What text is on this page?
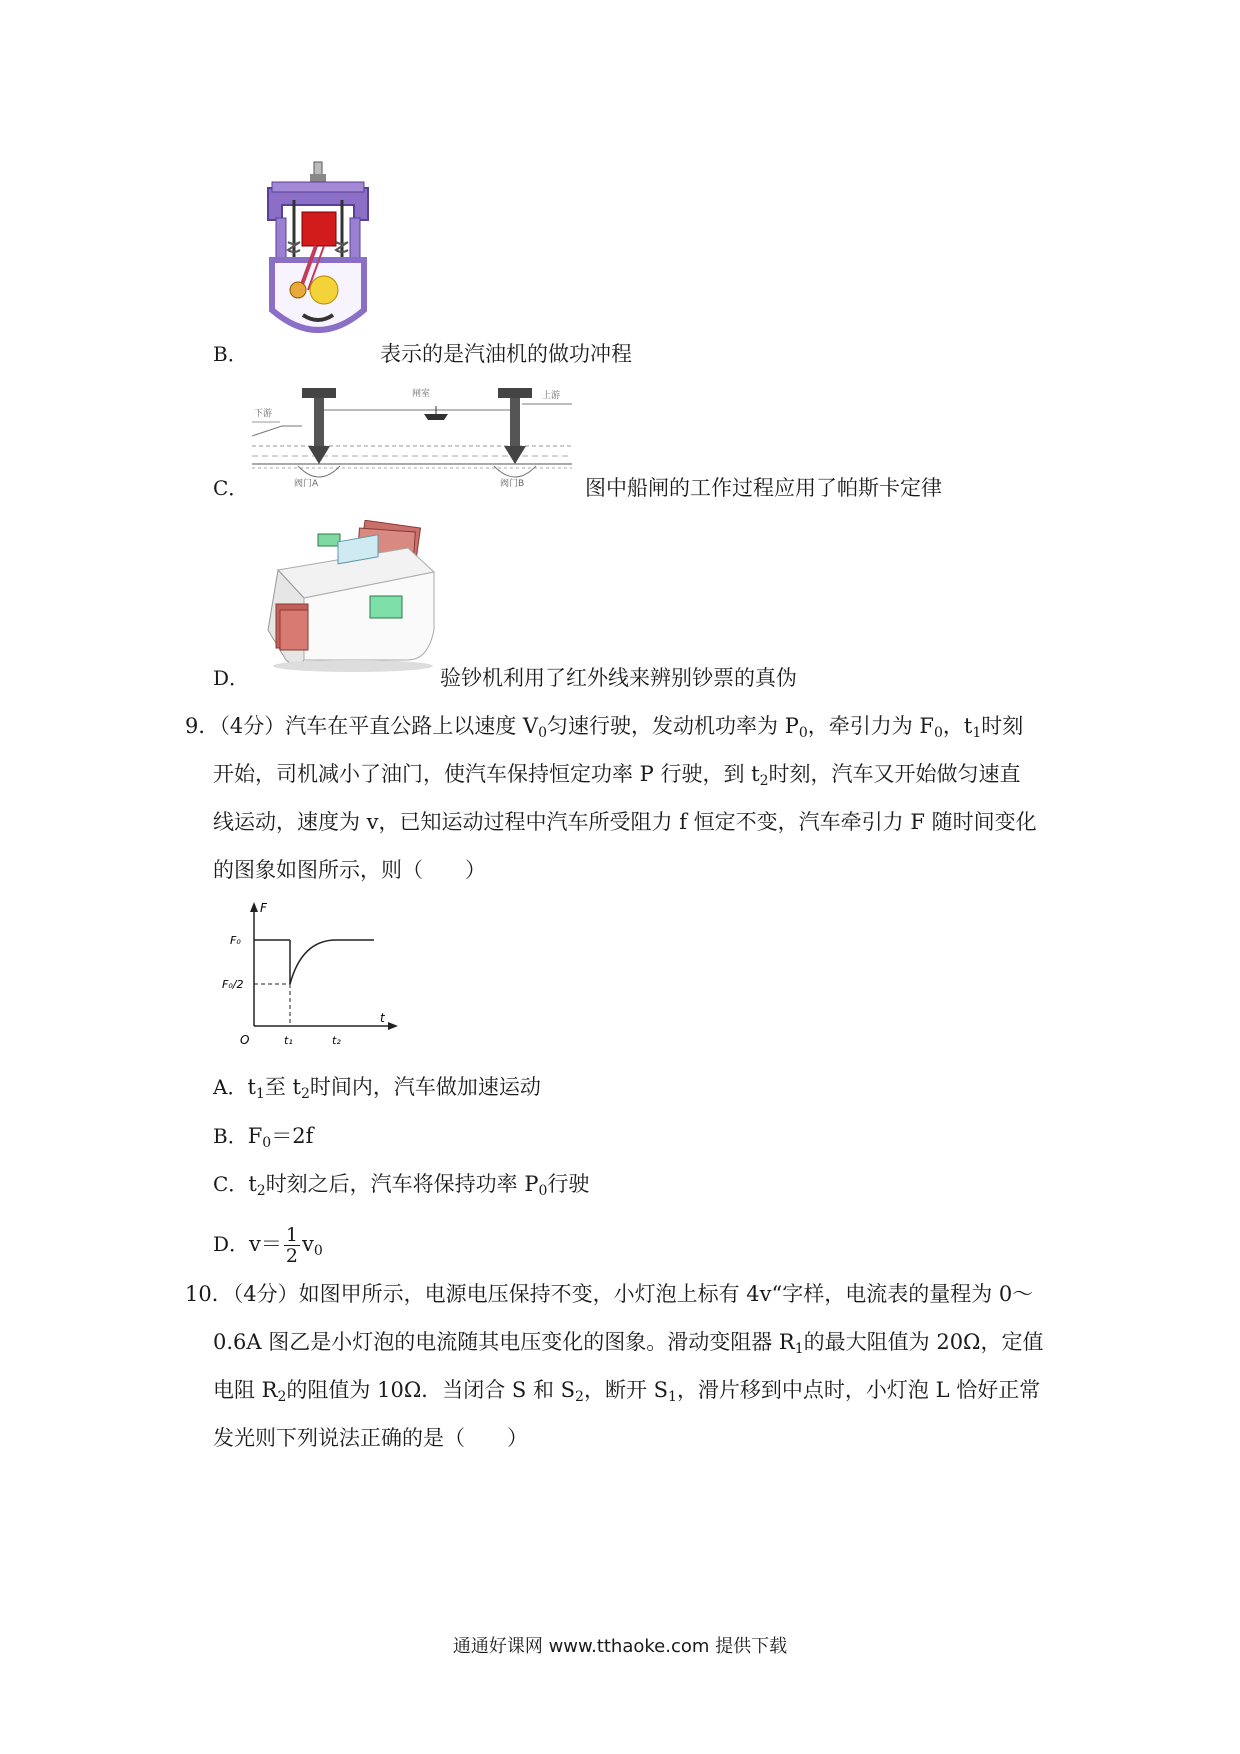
B．	表示的是汽油机的做功冲程
下游
上游
闸室
阀门A	阀门B
C．	图中船闸的工作过程应用了帕斯卡定律
D．	验钞机利用了红外线来辨别钞票的真伪
9．（4分）汽车在平直公路上以速度 $V_0$匀速行驶，发动机功率为 $P_0$，牵引力为 $F_0$，$t_1$时刻
开始，司机减小了油门，使汽车保持恒定功率 P 行驶，到 $t_2$时刻，汽车又开始做匀速直
线运动，速度为 v，已知运动过程中汽车所受阻力 f 恒定不变，汽车牵引力 F 随时间变化
的图象如图所示，则（　　）
F
t
O
F₀
F₀/2
t₁	t₂
A．$t_1$至 $t_2$时间内，汽车做加速运动
B．$F_0=2f$
C．$t_2$时刻之后，汽车将保持功率 $P_0$行驶
D．$v= \frac{1}{2} v_0$
10．（4分）如图甲所示，电源电压保持不变，小灯泡上标有 4v“字样，电流表的量程为 0～
0.6A 图乙是小灯泡的电流随其电压变化的图象。滑动变阻器 $R_1$的最大阻值为 20Ω，定值
电阻 $R_2$的阻值为 10Ω．当闭合 S 和 $S_2$，断开 $S_1$，滑片移到中点时，小灯泡 L 恰好正常
发光则下列说法正确的是（　　）
通通好课网 www.tthaoke.com 提供下载
